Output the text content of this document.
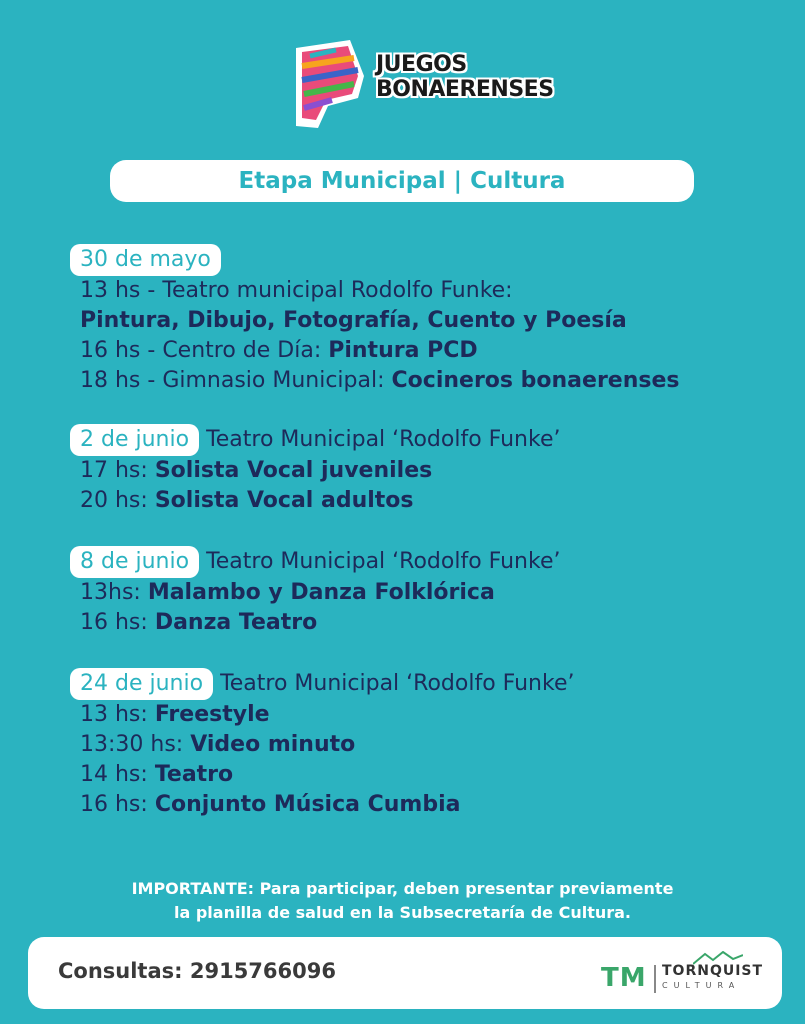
JUEGOS
BONAERENSES
Etapa Municipal | Cultura
30 de mayo
13 hs - Teatro municipal Rodolfo Funke:
Pintura, Dibujo, Fotografía, Cuento y Poesía
16 hs - Centro de Día: Pintura PCD
18 hs - Gimnasio Municipal: Cocineros bonaerenses
2 de junio Teatro Municipal ‘Rodolfo Funke’
17 hs: Solista Vocal juveniles
20 hs: Solista Vocal adultos
8 de junio Teatro Municipal ‘Rodolfo Funke’
13hs: Malambo y Danza Folklórica
16 hs: Danza Teatro
24 de junio Teatro Municipal ‘Rodolfo Funke’
13 hs: Freestyle
13:30 hs: Video minuto
14 hs: Teatro
16 hs: Conjunto Música Cumbia
IMPORTANTE: Para participar, deben presentar previamente
la planilla de salud en la Subsecretaría de Cultura.
Consultas: 2915766096	TM TORNQUIST
CULTURA
